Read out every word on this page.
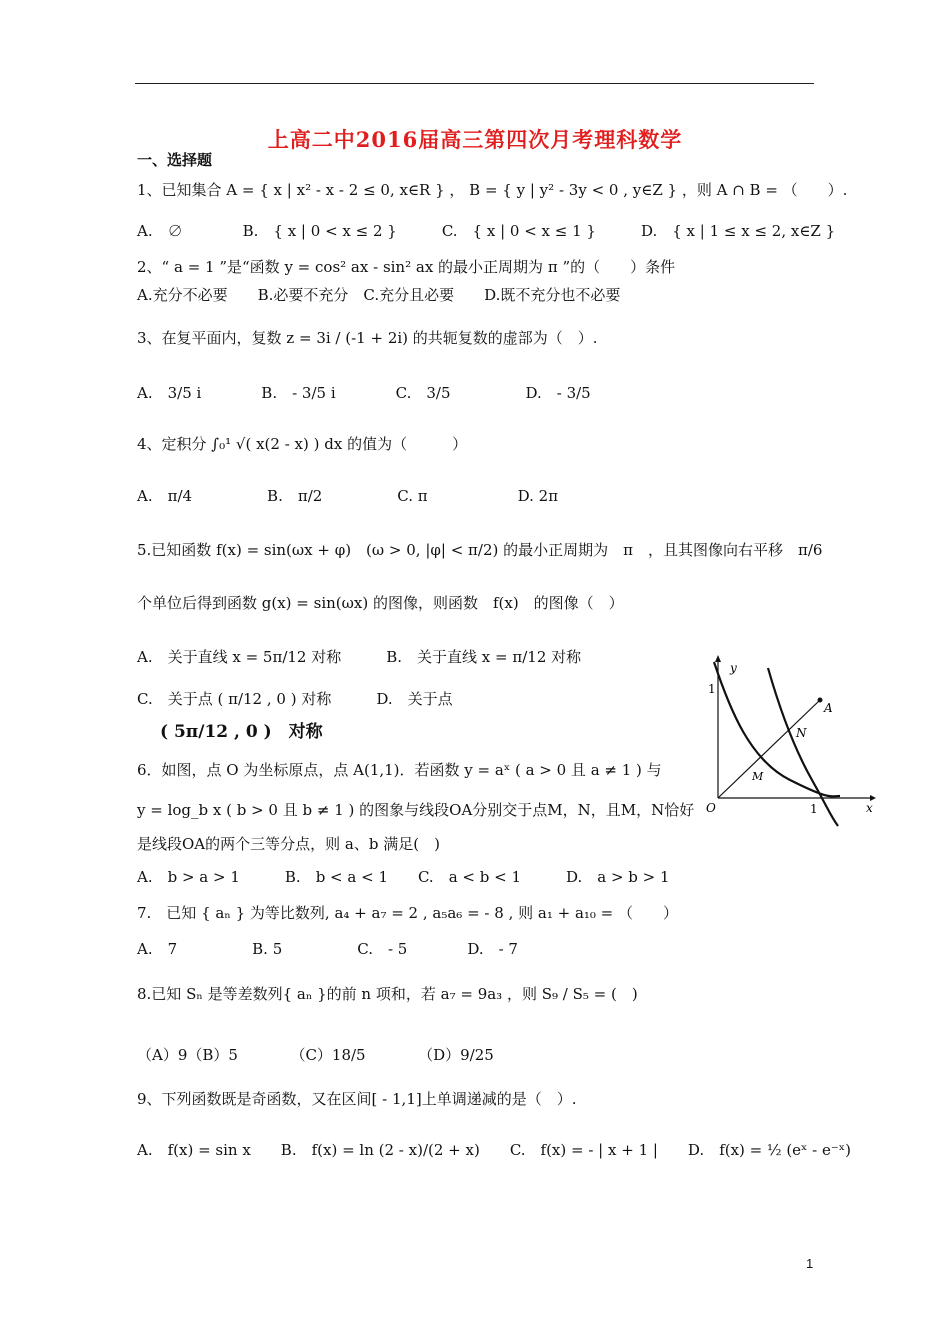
上高二中2016届高三第四次月考理科数学
一、选择题
1、已知集合 A = { x | x² - x - 2 ≤ 0, x∈R } ， B = { y | y² - 3y < 0 , y∈Z } ，则 A ∩ B = （　　）.
A.　∅　　　　B.　{ x | 0 < x ≤ 2 }　　　C.　{ x | 0 < x ≤ 1 }　　　D.　{ x | 1 ≤ x ≤ 2, x∈Z }
2、“ a = 1 ”是“函数 y = cos² ax - sin² ax 的最小正周期为 π ”的（　　）条件
A.充分不必要　　B.必要不充分　C.充分且必要　　D.既不充分也不必要
3、在复平面内，复数 z = 3i / (-1 + 2i) 的共轭复数的虚部为（　）.
A.　3/5 i　　　　B.　- 3/5 i　　　　C.　3/5　　　　　D.　- 3/5
4、定积分 ∫₀¹ √( x(2 - x) ) dx 的值为（　　　）
A.　π/4　　　　　B.　π/2　　　　　C. π　　　　　　D. 2π
5.已知函数 f(x) = sin(ωx + φ)　(ω > 0, |φ| < π/2) 的最小正周期为　π　，且其图像向右平移　π/6
个单位后得到函数 g(x) = sin(ωx) 的图像，则函数　f(x)　的图像（　）
A.　关于直线 x = 5π/12 对称　　　B.　关于直线 x = π/12 对称
C.　关于点 ( π/12 , 0 ) 对称　　　D.　关于点
( 5π/12 , 0 )　对称
6．如图，点 O 为坐标原点，点 A(1,1)．若函数 y = aˣ ( a > 0 且 a ≠ 1 ) 与
y = log_b x ( b > 0 且 b ≠ 1 ) 的图象与线段OA分别交于点M，N，且M，N恰好
是线段OA的两个三等分点，则 a、b 满足(　)
A.　b > a > 1　　　B.　b < a < 1　　C.　a < b < 1　　　D.　a > b > 1
7.　已知 { aₙ } 为等比数列, a₄ + a₇ = 2 , a₅a₆ = - 8 , 则 a₁ + a₁₀ = （　　）
A.　7　　　　　B. 5　　　　　C.　- 5　　　　D.　- 7
8.已知 Sₙ 是等差数列{ aₙ }的前 n 项和，若 a₇ = 9a₃ ，则 S₉ / S₅ = (　)
（A）9（B）5　　　　（C）18/5　　　　（D）9/25
9、下列函数既是奇函数，又在区间[ - 1,1]上单调递减的是（　）.
A.　f(x) = sin x　　B.　f(x) = ln (2 - x)/(2 + x)　　C.　f(x) = - | x + 1 |　　D.　f(x) = ½ (eˣ - e⁻ˣ)
y
x
O	1
1
A
N
M
1
